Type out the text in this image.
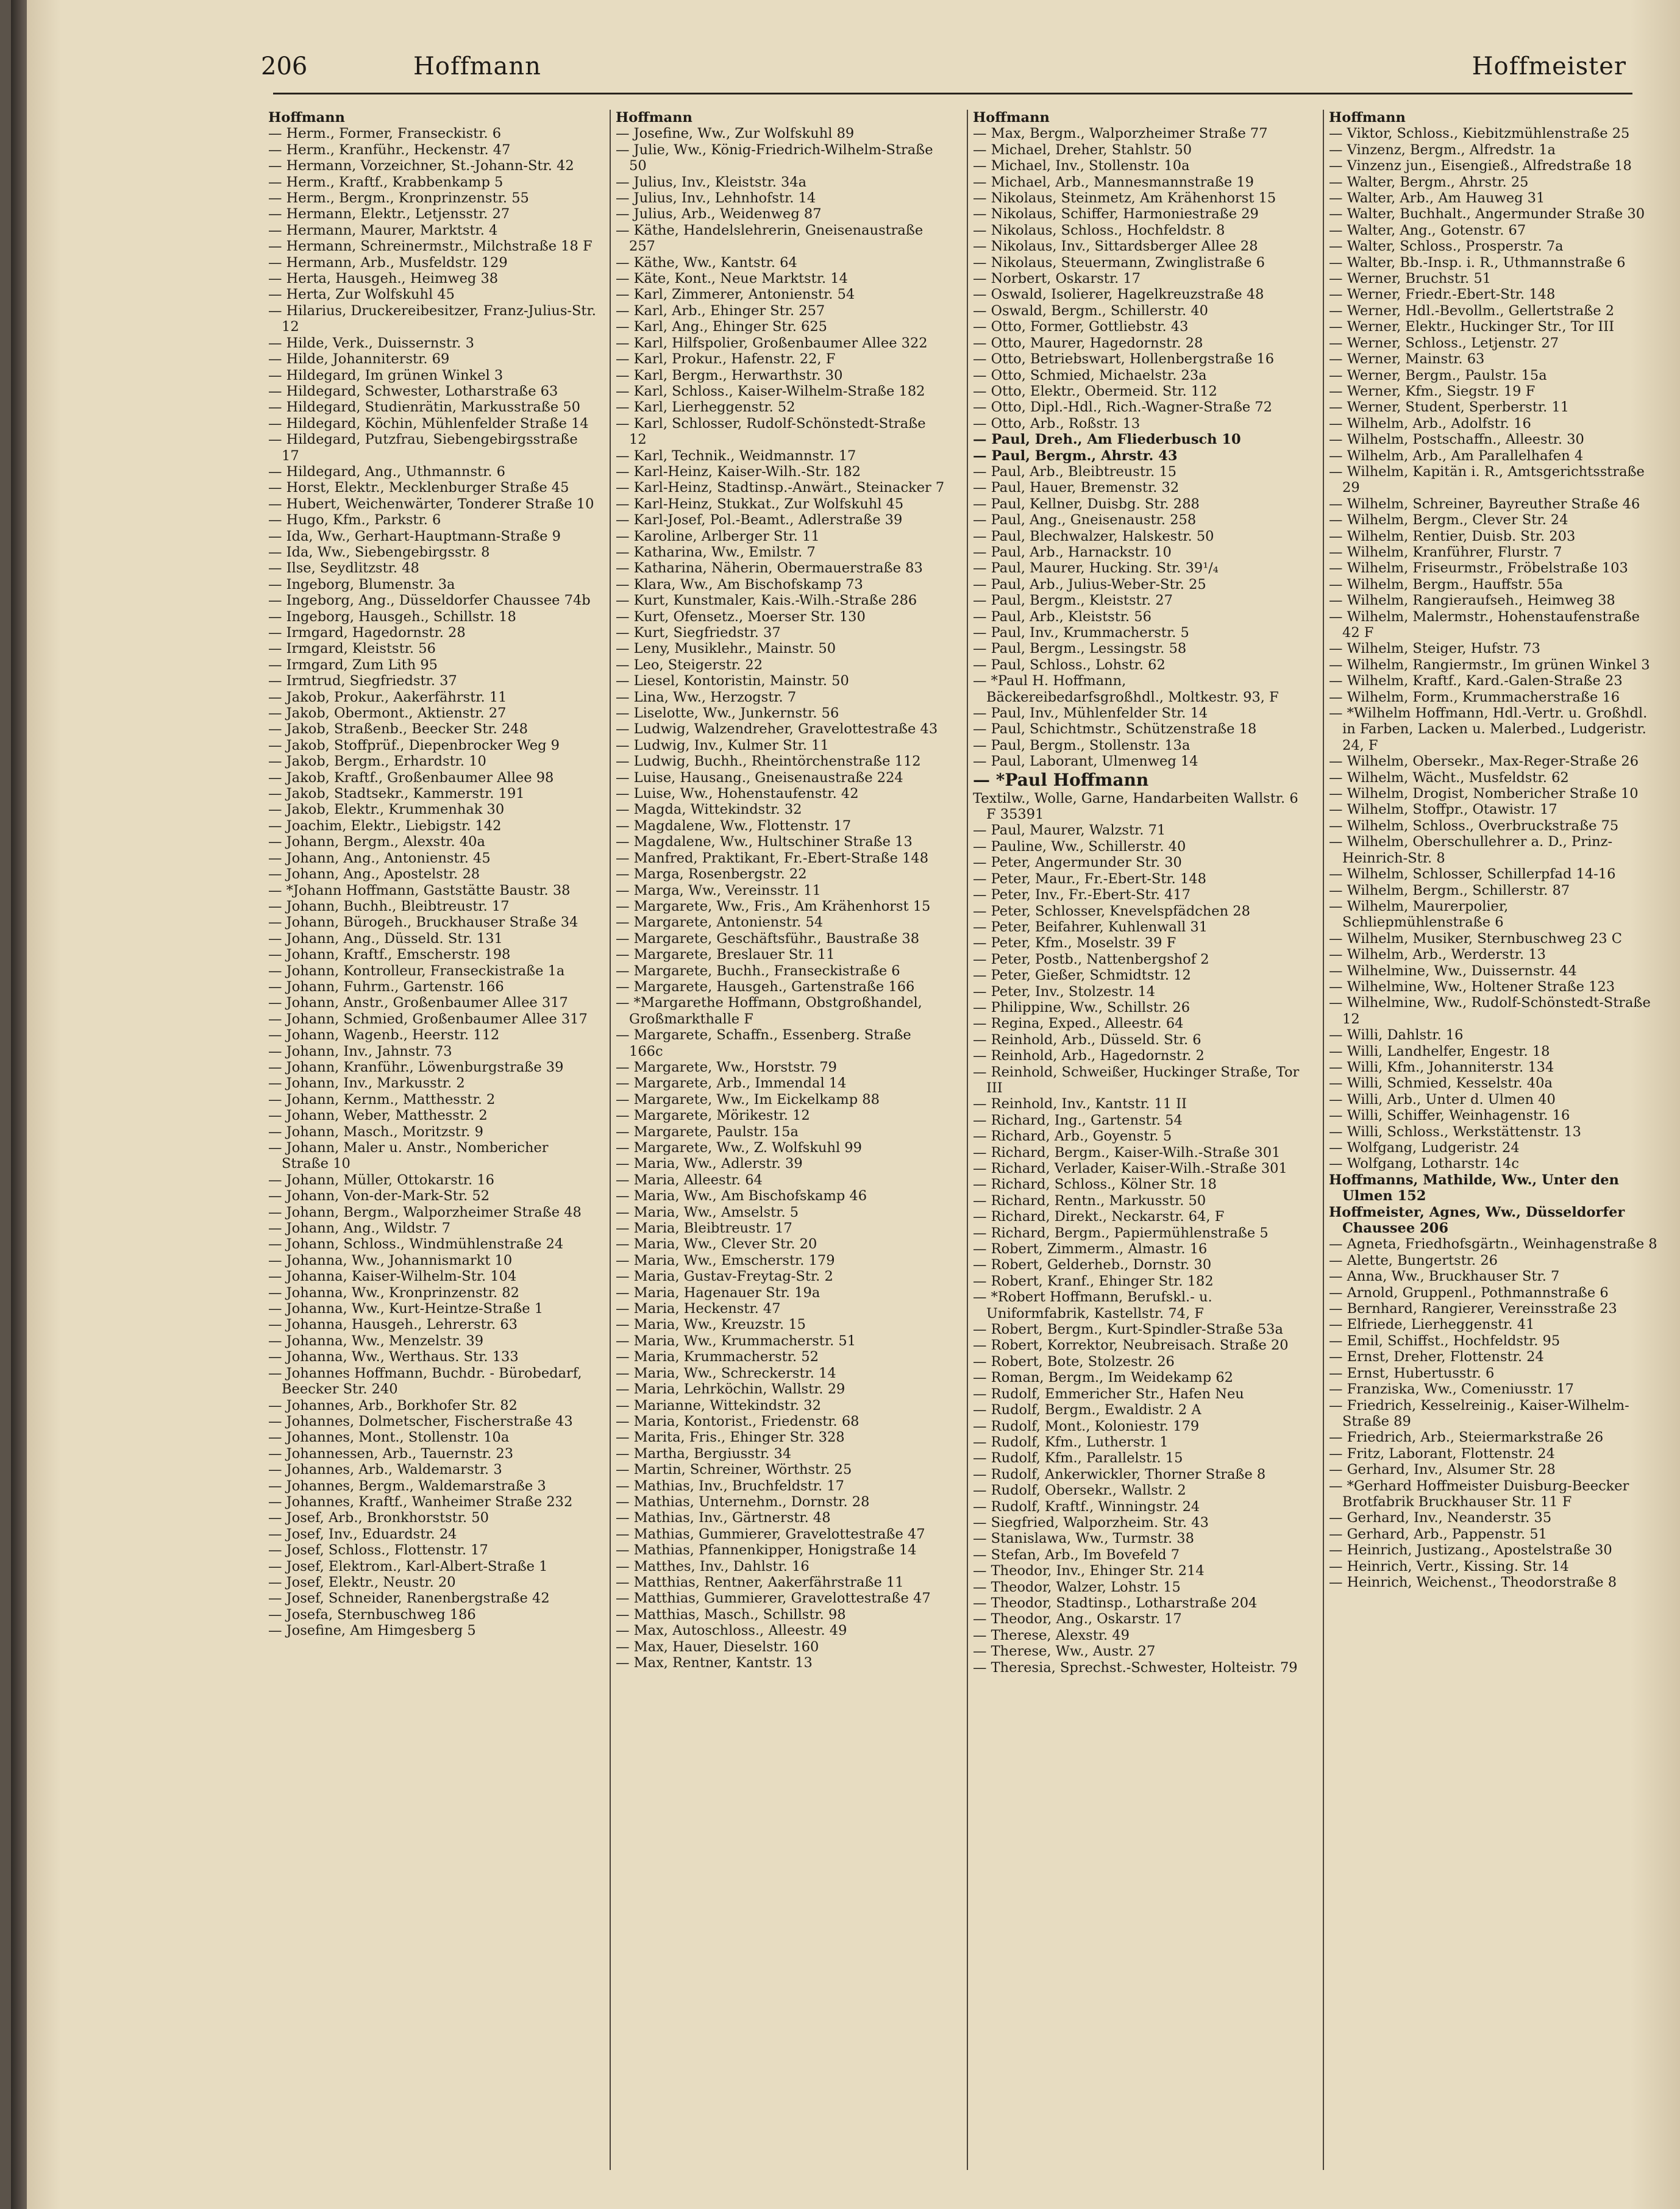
206	Hoffmann	Hoffmeister
Hoffmann
— Herm., Former, Franseckistr. 6
— Herm., Kranführ., Heckenstr. 47
— Hermann, Vorzeichner, St.-Johann-Str. 42
— Herm., Kraftf., Krabbenkamp 5
— Herm., Bergm., Kronprinzenstr. 55
— Hermann, Elektr., Letjensstr. 27
— Hermann, Maurer, Marktstr. 4
— Hermann, Schreinermstr., Milchstraße 18 F
— Hermann, Arb., Musfeldstr. 129
— Herta, Hausgeh., Heimweg 38
— Herta, Zur Wolfskuhl 45
— Hilarius, Druckereibesitzer, Franz-Julius-Str. 12
— Hilde, Verk., Duissernstr. 3
— Hilde, Johanniterstr. 69
— Hildegard, Im grünen Winkel 3
— Hildegard, Schwester, Lotharstraße 63
— Hildegard, Studienrätin, Markusstraße 50
— Hildegard, Köchin, Mühlenfelder Straße 14
— Hildegard, Putzfrau, Siebengebirgsstraße 17
— Hildegard, Ang., Uthmannstr. 6
— Horst, Elektr., Mecklenburger Straße 45
— Hubert, Weichenwärter, Tonderer Straße 10
— Hugo, Kfm., Parkstr. 6
— Ida, Ww., Gerhart-Hauptmann-Straße 9
— Ida, Ww., Siebengebirgsstr. 8
— Ilse, Seydlitzstr. 48
— Ingeborg, Blumenstr. 3a
— Ingeborg, Ang., Düsseldorfer Chaussee 74b
— Ingeborg, Hausgeh., Schillstr. 18
— Irmgard, Hagedornstr. 28
— Irmgard, Kleiststr. 56
— Irmgard, Zum Lith 95
— Irmtrud, Siegfriedstr. 37
— Jakob, Prokur., Aakerfährstr. 11
— Jakob, Obermont., Aktienstr. 27
— Jakob, Straßenb., Beecker Str. 248
— Jakob, Stoffprüf., Diepenbrocker Weg 9
— Jakob, Bergm., Erhardstr. 10
— Jakob, Kraftf., Großenbaumer Allee 98
— Jakob, Stadtsekr., Kammerstr. 191
— Jakob, Elektr., Krummenhak 30
— Joachim, Elektr., Liebigstr. 142
— Johann, Bergm., Alexstr. 40a
— Johann, Ang., Antonienstr. 45
— Johann, Ang., Apostelstr. 28
— *Johann Hoffmann, Gaststätte Baustr. 38
— Johann, Buchh., Bleibtreustr. 17
— Johann, Bürogeh., Bruckhauser Straße 34
— Johann, Ang., Düsseld. Str. 131
— Johann, Kraftf., Emscherstr. 198
— Johann, Kontrolleur, Franseckistraße 1a
— Johann, Fuhrm., Gartenstr. 166
— Johann, Anstr., Großenbaumer Allee 317
— Johann, Schmied, Großenbaumer Allee 317
— Johann, Wagenb., Heerstr. 112
— Johann, Inv., Jahnstr. 73
— Johann, Kranführ., Löwenburgstraße 39
— Johann, Inv., Markusstr. 2
— Johann, Kernm., Matthesstr. 2
— Johann, Weber, Matthesstr. 2
— Johann, Masch., Moritzstr. 9
— Johann, Maler u. Anstr., Nombericher Straße 10
— Johann, Müller, Ottokarstr. 16
— Johann, Von-der-Mark-Str. 52
— Johann, Bergm., Walporzheimer Straße 48
— Johann, Ang., Wildstr. 7
— Johann, Schloss., Windmühlenstraße 24
— Johanna, Ww., Johannismarkt 10
— Johanna, Kaiser-Wilhelm-Str. 104
— Johanna, Ww., Kronprinzenstr. 82
— Johanna, Ww., Kurt-Heintze-Straße 1
— Johanna, Hausgeh., Lehrerstr. 63
— Johanna, Ww., Menzelstr. 39
— Johanna, Ww., Werthaus. Str. 133
— Johannes Hoffmann, Buchdr. - Bürobedarf, Beecker Str. 240
— Johannes, Arb., Borkhofer Str. 82
— Johannes, Dolmetscher, Fischerstraße 43
— Johannes, Mont., Stollenstr. 10a
— Johannessen, Arb., Tauernstr. 23
— Johannes, Arb., Waldemarstr. 3
— Johannes, Bergm., Waldemarstraße 3
— Johannes, Kraftf., Wanheimer Straße 232
— Josef, Arb., Bronkhorststr. 50
— Josef, Inv., Eduardstr. 24
— Josef, Schloss., Flottenstr. 17
— Josef, Elektrom., Karl-Albert-Straße 1
— Josef, Elektr., Neustr. 20
— Josef, Schneider, Ranenbergstraße 42
— Josefa, Sternbuschweg 186
— Josefine, Am Himgesberg 5
Hoffmann
— Josefine, Ww., Zur Wolfskuhl 89
— Julie, Ww., König-Friedrich-Wilhelm-Straße 50
— Julius, Inv., Kleiststr. 34a
— Julius, Inv., Lehnhofstr. 14
— Julius, Arb., Weidenweg 87
— Käthe, Handelslehrerin, Gneisenaustraße 257
— Käthe, Ww., Kantstr. 64
— Käte, Kont., Neue Marktstr. 14
— Karl, Zimmerer, Antonienstr. 54
— Karl, Arb., Ehinger Str. 257
— Karl, Ang., Ehinger Str. 625
— Karl, Hilfspolier, Großenbaumer Allee 322
— Karl, Prokur., Hafenstr. 22, F
— Karl, Bergm., Herwarthstr. 30
— Karl, Schloss., Kaiser-Wilhelm-Straße 182
— Karl, Lierheggenstr. 52
— Karl, Schlosser, Rudolf-Schönstedt-Straße 12
— Karl, Technik., Weidmannstr. 17
— Karl-Heinz, Kaiser-Wilh.-Str. 182
— Karl-Heinz, Stadtinsp.-Anwärt., Steinacker 7
— Karl-Heinz, Stukkat., Zur Wolfskuhl 45
— Karl-Josef, Pol.-Beamt., Adlerstraße 39
— Karoline, Arlberger Str. 11
— Katharina, Ww., Emilstr. 7
— Katharina, Näherin, Obermauerstraße 83
— Klara, Ww., Am Bischofskamp 73
— Kurt, Kunstmaler, Kais.-Wilh.-Straße 286
— Kurt, Ofensetz., Moerser Str. 130
— Kurt, Siegfriedstr. 37
— Leny, Musiklehr., Mainstr. 50
— Leo, Steigerstr. 22
— Liesel, Kontoristin, Mainstr. 50
— Lina, Ww., Herzogstr. 7
— Liselotte, Ww., Junkernstr. 56
— Ludwig, Walzendreher, Gravelottestraße 43
— Ludwig, Inv., Kulmer Str. 11
— Ludwig, Buchh., Rheintörchenstraße 112
— Luise, Hausang., Gneisenaustraße 224
— Luise, Ww., Hohenstaufenstr. 42
— Magda, Wittekindstr. 32
— Magdalene, Ww., Flottenstr. 17
— Magdalene, Ww., Hultschiner Straße 13
— Manfred, Praktikant, Fr.-Ebert-Straße 148
— Marga, Rosenbergstr. 22
— Marga, Ww., Vereinsstr. 11
— Margarete, Ww., Fris., Am Krähenhorst 15
— Margarete, Antonienstr. 54
— Margarete, Geschäftsführ., Baustraße 38
— Margarete, Breslauer Str. 11
— Margarete, Buchh., Franseckistraße 6
— Margarete, Hausgeh., Gartenstraße 166
— *Margarethe Hoffmann, Obstgroßhandel, Großmarkthalle F
— Margarete, Schaffn., Essenberg. Straße 166c
— Margarete, Ww., Horststr. 79
— Margarete, Arb., Immendal 14
— Margarete, Ww., Im Eickelkamp 88
— Margarete, Mörikestr. 12
— Margarete, Paulstr. 15a
— Margarete, Ww., Z. Wolfskuhl 99
— Maria, Ww., Adlerstr. 39
— Maria, Alleestr. 64
— Maria, Ww., Am Bischofskamp 46
— Maria, Ww., Amselstr. 5
— Maria, Bleibtreustr. 17
— Maria, Ww., Clever Str. 20
— Maria, Ww., Emscherstr. 179
— Maria, Gustav-Freytag-Str. 2
— Maria, Hagenauer Str. 19a
— Maria, Heckenstr. 47
— Maria, Ww., Kreuzstr. 15
— Maria, Ww., Krummacherstr. 51
— Maria, Krummacherstr. 52
— Maria, Ww., Schreckerstr. 14
— Maria, Lehrköchin, Wallstr. 29
— Marianne, Wittekindstr. 32
— Maria, Kontorist., Friedenstr. 68
— Marita, Fris., Ehinger Str. 328
— Martha, Bergiusstr. 34
— Martin, Schreiner, Wörthstr. 25
— Mathias, Inv., Bruchfeldstr. 17
— Mathias, Unternehm., Dornstr. 28
— Mathias, Inv., Gärtnerstr. 48
— Mathias, Gummierer, Gravelottestraße 47
— Mathias, Pfannenkipper, Honigstraße 14
— Matthes, Inv., Dahlstr. 16
— Matthias, Rentner, Aakerfährstraße 11
— Matthias, Gummierer, Gravelottestraße 47
— Matthias, Masch., Schillstr. 98
— Max, Autoschloss., Alleestr. 49
— Max, Hauer, Dieselstr. 160
— Max, Rentner, Kantstr. 13
Hoffmann
— Max, Bergm., Walporzheimer Straße 77
— Michael, Dreher, Stahlstr. 50
— Michael, Inv., Stollenstr. 10a
— Michael, Arb., Mannesmannstraße 19
— Nikolaus, Steinmetz, Am Krähenhorst 15
— Nikolaus, Schiffer, Harmoniestraße 29
— Nikolaus, Schloss., Hochfeldstr. 8
— Nikolaus, Inv., Sittardsberger Allee 28
— Nikolaus, Steuermann, Zwinglistraße 6
— Norbert, Oskarstr. 17
— Oswald, Isolierer, Hagelkreuzstraße 48
— Oswald, Bergm., Schillerstr. 40
— Otto, Former, Gottliebstr. 43
— Otto, Maurer, Hagedornstr. 28
— Otto, Betriebswart, Hollenbergstraße 16
— Otto, Schmied, Michaelstr. 23a
— Otto, Elektr., Obermeid. Str. 112
— Otto, Dipl.-Hdl., Rich.-Wagner-Straße 72
— Otto, Arb., Roßstr. 13
— Paul, Dreh., Am Fliederbusch 10
— Paul, Bergm., Ahrstr. 43
— Paul, Arb., Bleibtreustr. 15
— Paul, Hauer, Bremenstr. 32
— Paul, Kellner, Duisbg. Str. 288
— Paul, Ang., Gneisenaustr. 258
— Paul, Blechwalzer, Halskestr. 50
— Paul, Arb., Harnackstr. 10
— Paul, Maurer, Hucking. Str. 39¹/₄
— Paul, Arb., Julius-Weber-Str. 25
— Paul, Bergm., Kleiststr. 27
— Paul, Arb., Kleiststr. 56
— Paul, Inv., Krummacherstr. 5
— Paul, Bergm., Lessingstr. 58
— Paul, Schloss., Lohstr. 62
— *Paul H. Hoffmann, Bäckereibedarfsgroßhdl., Moltkestr. 93, F
— Paul, Inv., Mühlenfelder Str. 14
— Paul, Schichtmstr., Schützenstraße 18
— Paul, Bergm., Stollenstr. 13a
— Paul, Laborant, Ulmenweg 14
— *Paul Hoffmann
Textilw., Wolle, Garne, Handarbeiten Wallstr. 6 F 35391
— Paul, Maurer, Walzstr. 71
— Pauline, Ww., Schillerstr. 40
— Peter, Angermunder Str. 30
— Peter, Maur., Fr.-Ebert-Str. 148
— Peter, Inv., Fr.-Ebert-Str. 417
— Peter, Schlosser, Knevelspfädchen 28
— Peter, Beifahrer, Kuhlenwall 31
— Peter, Kfm., Moselstr. 39 F
— Peter, Postb., Nattenbergshof 2
— Peter, Gießer, Schmidtstr. 12
— Peter, Inv., Stolzestr. 14
— Philippine, Ww., Schillstr. 26
— Regina, Exped., Alleestr. 64
— Reinhold, Arb., Düsseld. Str. 6
— Reinhold, Arb., Hagedornstr. 2
— Reinhold, Schweißer, Huckinger Straße, Tor III
— Reinhold, Inv., Kantstr. 11 II
— Richard, Ing., Gartenstr. 54
— Richard, Arb., Goyenstr. 5
— Richard, Bergm., Kaiser-Wilh.-Straße 301
— Richard, Verlader, Kaiser-Wilh.-Straße 301
— Richard, Schloss., Kölner Str. 18
— Richard, Rentn., Markusstr. 50
— Richard, Direkt., Neckarstr. 64, F
— Richard, Bergm., Papiermühlenstraße 5
— Robert, Zimmerm., Almastr. 16
— Robert, Gelderheb., Dornstr. 30
— Robert, Kranf., Ehinger Str. 182
— *Robert Hoffmann, Berufskl.- u. Uniformfabrik, Kastellstr. 74, F
— Robert, Bergm., Kurt-Spindler-Straße 53a
— Robert, Korrektor, Neubreisach. Straße 20
— Robert, Bote, Stolzestr. 26
— Roman, Bergm., Im Weidekamp 62
— Rudolf, Emmericher Str., Hafen Neu
— Rudolf, Bergm., Ewaldistr. 2 A
— Rudolf, Mont., Koloniestr. 179
— Rudolf, Kfm., Lutherstr. 1
— Rudolf, Kfm., Parallelstr. 15
— Rudolf, Ankerwickler, Thorner Straße 8
— Rudolf, Obersekr., Wallstr. 2
— Rudolf, Kraftf., Winningstr. 24
— Siegfried, Walporzheim. Str. 43
— Stanislawa, Ww., Turmstr. 38
— Stefan, Arb., Im Bovefeld 7
— Theodor, Inv., Ehinger Str. 214
— Theodor, Walzer, Lohstr. 15
— Theodor, Stadtinsp., Lotharstraße 204
— Theodor, Ang., Oskarstr. 17
— Therese, Alexstr. 49
— Therese, Ww., Austr. 27
— Theresia, Sprechst.-Schwester, Holteistr. 79
Hoffmann
— Viktor, Schloss., Kiebitzmühlenstraße 25
— Vinzenz, Bergm., Alfredstr. 1a
— Vinzenz jun., Eisengieß., Alfredstraße 18
— Walter, Bergm., Ahrstr. 25
— Walter, Arb., Am Hauweg 31
— Walter, Buchhalt., Angermunder Straße 30
— Walter, Ang., Gotenstr. 67
— Walter, Schloss., Prosperstr. 7a
— Walter, Bb.-Insp. i. R., Uthmannstraße 6
— Werner, Bruchstr. 51
— Werner, Friedr.-Ebert-Str. 148
— Werner, Hdl.-Bevollm., Gellertstraße 2
— Werner, Elektr., Huckinger Str., Tor III
— Werner, Schloss., Letjenstr. 27
— Werner, Mainstr. 63
— Werner, Bergm., Paulstr. 15a
— Werner, Kfm., Siegstr. 19 F
— Werner, Student, Sperberstr. 11
— Wilhelm, Arb., Adolfstr. 16
— Wilhelm, Postschaffn., Alleestr. 30
— Wilhelm, Arb., Am Parallelhafen 4
— Wilhelm, Kapitän i. R., Amtsgerichtsstraße 29
— Wilhelm, Schreiner, Bayreuther Straße 46
— Wilhelm, Bergm., Clever Str. 24
— Wilhelm, Rentier, Duisb. Str. 203
— Wilhelm, Kranführer, Flurstr. 7
— Wilhelm, Friseurmstr., Fröbelstraße 103
— Wilhelm, Bergm., Hauffstr. 55a
— Wilhelm, Rangieraufseh., Heimweg 38
— Wilhelm, Malermstr., Hohenstaufenstraße 42 F
— Wilhelm, Steiger, Hufstr. 73
— Wilhelm, Rangiermstr., Im grünen Winkel 3
— Wilhelm, Kraftf., Kard.-Galen-Straße 23
— Wilhelm, Form., Krummacherstraße 16
— *Wilhelm Hoffmann, Hdl.-Vertr. u. Großhdl. in Farben, Lacken u. Malerbed., Ludgeristr. 24, F
— Wilhelm, Obersekr., Max-Reger-Straße 26
— Wilhelm, Wächt., Musfeldstr. 62
— Wilhelm, Drogist, Nombericher Straße 10
— Wilhelm, Stoffpr., Otawistr. 17
— Wilhelm, Schloss., Overbruckstraße 75
— Wilhelm, Oberschullehrer a. D., Prinz-Heinrich-Str. 8
— Wilhelm, Schlosser, Schillerpfad 14-16
— Wilhelm, Bergm., Schillerstr. 87
— Wilhelm, Maurerpolier, Schliepmühlenstraße 6
— Wilhelm, Musiker, Sternbuschweg 23 C
— Wilhelm, Arb., Werderstr. 13
— Wilhelmine, Ww., Duissernstr. 44
— Wilhelmine, Ww., Holtener Straße 123
— Wilhelmine, Ww., Rudolf-Schönstedt-Straße 12
— Willi, Dahlstr. 16
— Willi, Landhelfer, Engestr. 18
— Willi, Kfm., Johanniterstr. 134
— Willi, Schmied, Kesselstr. 40a
— Willi, Arb., Unter d. Ulmen 40
— Willi, Schiffer, Weinhagenstr. 16
— Willi, Schloss., Werkstättenstr. 13
— Wolfgang, Ludgeristr. 24
— Wolfgang, Lotharstr. 14c
Hoffmanns, Mathilde, Ww., Unter den Ulmen 152
Hoffmeister, Agnes, Ww., Düsseldorfer Chaussee 206
— Agneta, Friedhofsgärtn., Weinhagenstraße 8
— Alette, Bungertstr. 26
— Anna, Ww., Bruckhauser Str. 7
— Arnold, Gruppenl., Pothmannstraße 6
— Bernhard, Rangierer, Vereinsstraße 23
— Elfriede, Lierheggenstr. 41
— Emil, Schiffst., Hochfeldstr. 95
— Ernst, Dreher, Flottenstr. 24
— Ernst, Hubertusstr. 6
— Franziska, Ww., Comeniusstr. 17
— Friedrich, Kesselreinig., Kaiser-Wilhelm-Straße 89
— Friedrich, Arb., Steiermarkstraße 26
— Fritz, Laborant, Flottenstr. 24
— Gerhard, Inv., Alsumer Str. 28
— *Gerhard Hoffmeister Duisburg-Beecker Brotfabrik Bruckhauser Str. 11 F
— Gerhard, Inv., Neanderstr. 35
— Gerhard, Arb., Pappenstr. 51
— Heinrich, Justizang., Apostelstraße 30
— Heinrich, Vertr., Kissing. Str. 14
— Heinrich, Weichenst., Theodorstraße 8
